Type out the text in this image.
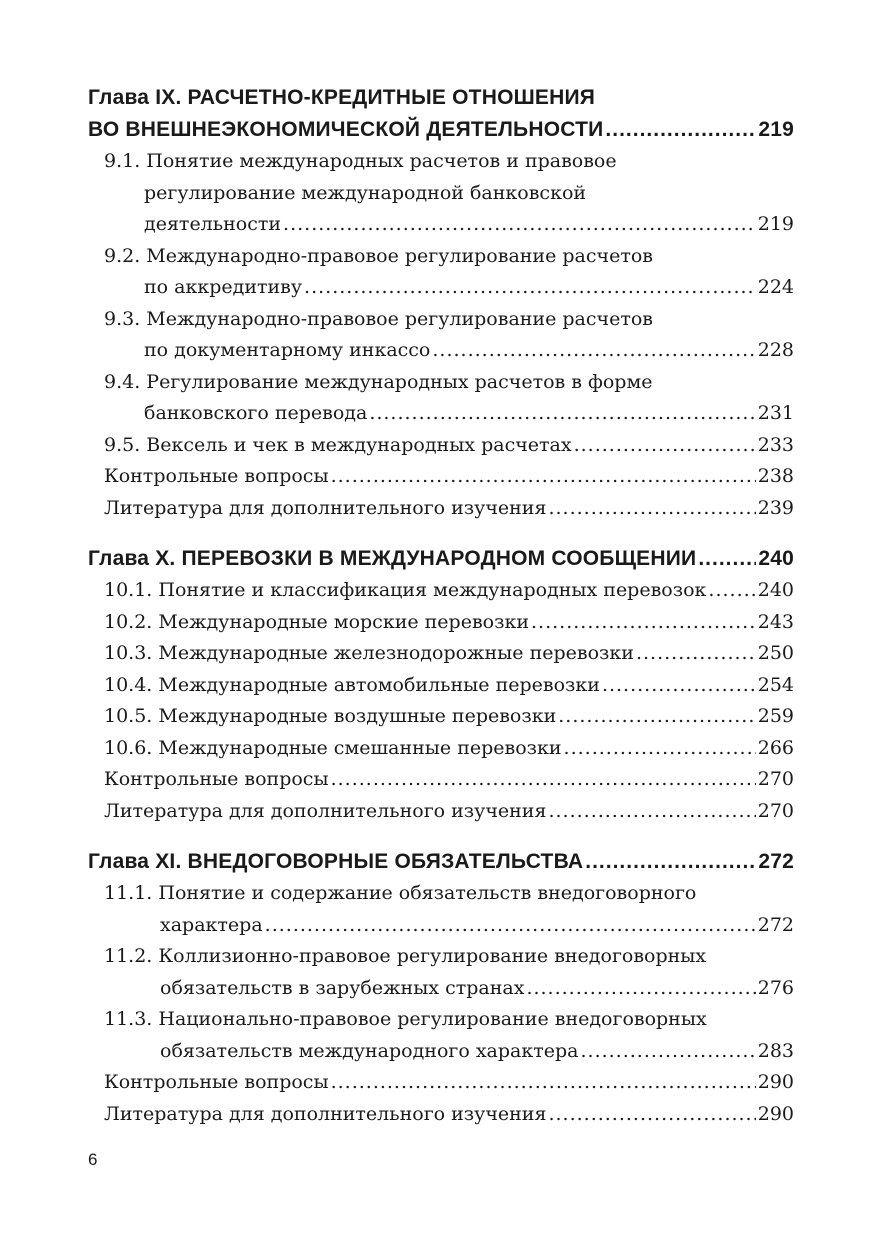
Глава IX. РАСЧЕТНО-КРЕДИТНЫЕ ОТНОШЕНИЯ
ВО ВНЕШНЕЭКОНОМИЧЕСКОЙ ДЕЯТЕЛЬНОСТИ .....	219
9.1. Понятие международных расчетов и правовое
регулирование международной банковской
деятельности .....	219
9.2. Международно-правовое регулирование расчетов
по аккредитиву .....	224
9.3. Международно-правовое регулирование расчетов
по документарному инкассо .....	228
9.4. Регулирование международных расчетов в форме
банковского перевода .....	231
9.5. Вексель и чек в международных расчетах .....	233
Контрольные вопросы .....	238
Литература для дополнительного изучения .....	239
Глава X. ПЕРЕВОЗКИ В МЕЖДУНАРОДНОМ СООБЩЕНИИ .....	240
10.1. Понятие и классификация международных перевозок .....	240
10.2. Международные морские перевозки .....	243
10.3. Международные железнодорожные перевозки .....	250
10.4. Международные автомобильные перевозки .....	254
10.5. Международные воздушные перевозки .....	259
10.6. Международные смешанные перевозки .....	266
Контрольные вопросы .....	270
Литература для дополнительного изучения .....	270
Глава XI. ВНЕДОГОВОРНЫЕ ОБЯЗАТЕЛЬСТВА .....	272
11.1. Понятие и содержание обязательств внедоговорного
характера .....	272
11.2. Коллизионно-правовое регулирование внедоговорных
обязательств в зарубежных странах .....	276
11.3. Национально-правовое регулирование внедоговорных
обязательств международного характера .....	283
Контрольные вопросы .....	290
Литература для дополнительного изучения .....	290
6
